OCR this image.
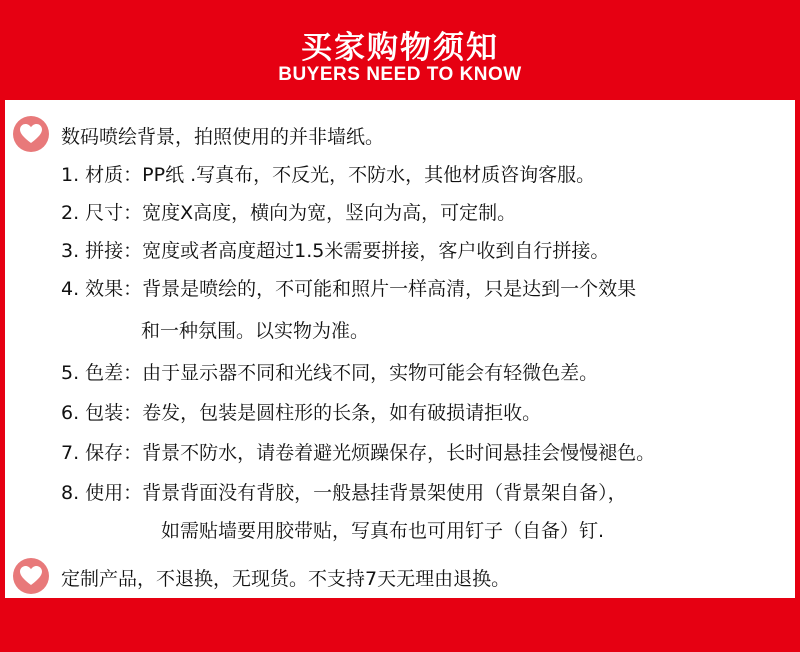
买家购物须知
BUYERS NEED TO KNOW
数码喷绘背景，拍照使用的并非墙纸。
1. 材质：PP纸 .写真布，不反光，不防水，其他材质咨询客服。
2. 尺寸：宽度X高度，横向为宽，竖向为高，可定制。
3. 拼接：宽度或者高度超过1.5米需要拼接，客户收到自行拼接。
4. 效果：背景是喷绘的，不可能和照片一样高清，只是达到一个效果
和一种氛围。以实物为准。
5. 色差：由于显示器不同和光线不同，实物可能会有轻微色差。
6. 包装：卷发，包装是圆柱形的长条，如有破损请拒收。
7. 保存：背景不防水，请卷着避光烦躁保存，长时间悬挂会慢慢褪色。
8. 使用：背景背面没有背胶，一般悬挂背景架使用（背景架自备），
如需贴墙要用胶带贴，写真布也可用钉子（自备）钉.
定制产品，不退换，无现货。不支持7天无理由退换。
